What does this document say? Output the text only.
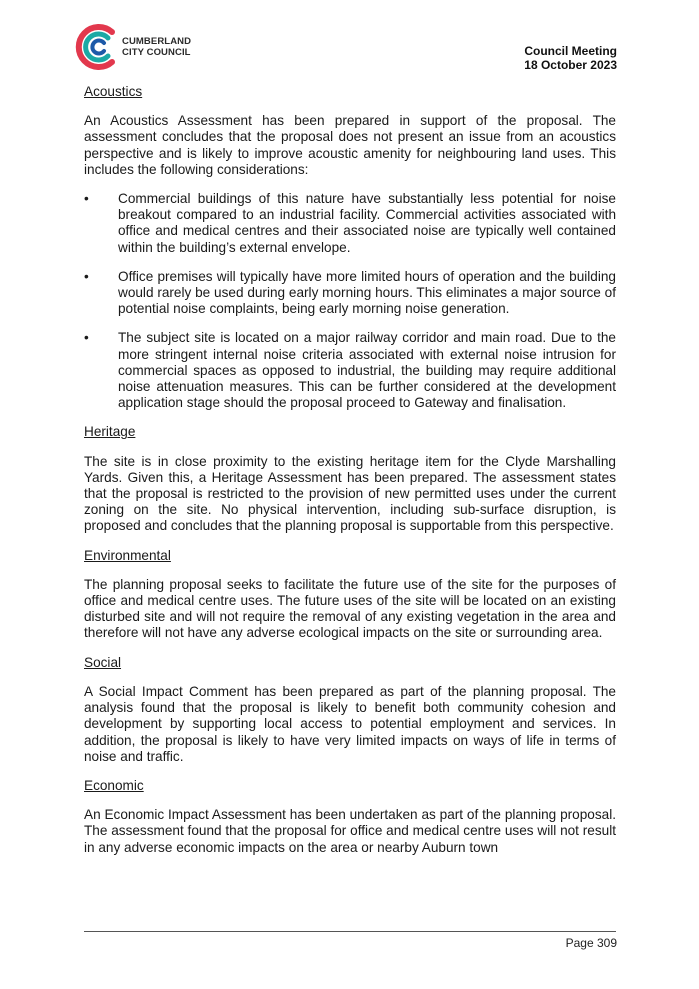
CUMBERLAND
CITY COUNCIL	Council Meeting
18 October 2023
Acoustics

An Acoustics Assessment has been prepared in support of the proposal. The assessment concludes that the proposal does not present an issue from an acoustics perspective and is likely to improve acoustic amenity for neighbouring land uses. This includes the following considerations:

• Commercial buildings of this nature have substantially less potential for noise breakout compared to an industrial facility. Commercial activities associated with office and medical centres and their associated noise are typically well contained within the building’s external envelope.
• Office premises will typically have more limited hours of operation and the building would rarely be used during early morning hours. This eliminates a major source of potential noise complaints, being early morning noise generation.
• The subject site is located on a major railway corridor and main road. Due to the more stringent internal noise criteria associated with external noise intrusion for commercial spaces as opposed to industrial, the building may require additional noise attenuation measures. This can be further considered at the development application stage should the proposal proceed to Gateway and finalisation.
Heritage

The site is in close proximity to the existing heritage item for the Clyde Marshalling Yards. Given this, a Heritage Assessment has been prepared. The assessment states that the proposal is restricted to the provision of new permitted uses under the current zoning on the site. No physical intervention, including sub-surface disruption, is proposed and concludes that the planning proposal is supportable from this perspective.

Environmental

The planning proposal seeks to facilitate the future use of the site for the purposes of office and medical centre uses. The future uses of the site will be located on an existing disturbed site and will not require the removal of any existing vegetation in the area and therefore will not have any adverse ecological impacts on the site or surrounding area.

Social

A Social Impact Comment has been prepared as part of the planning proposal. The analysis found that the proposal is likely to benefit both community cohesion and development by supporting local access to potential employment and services. In addition, the proposal is likely to have very limited impacts on ways of life in terms of noise and traffic.

Economic

An Economic Impact Assessment has been undertaken as part of the planning proposal. The assessment found that the proposal for office and medical centre uses will not result in any adverse economic impacts on the area or nearby Auburn town

Page 309
